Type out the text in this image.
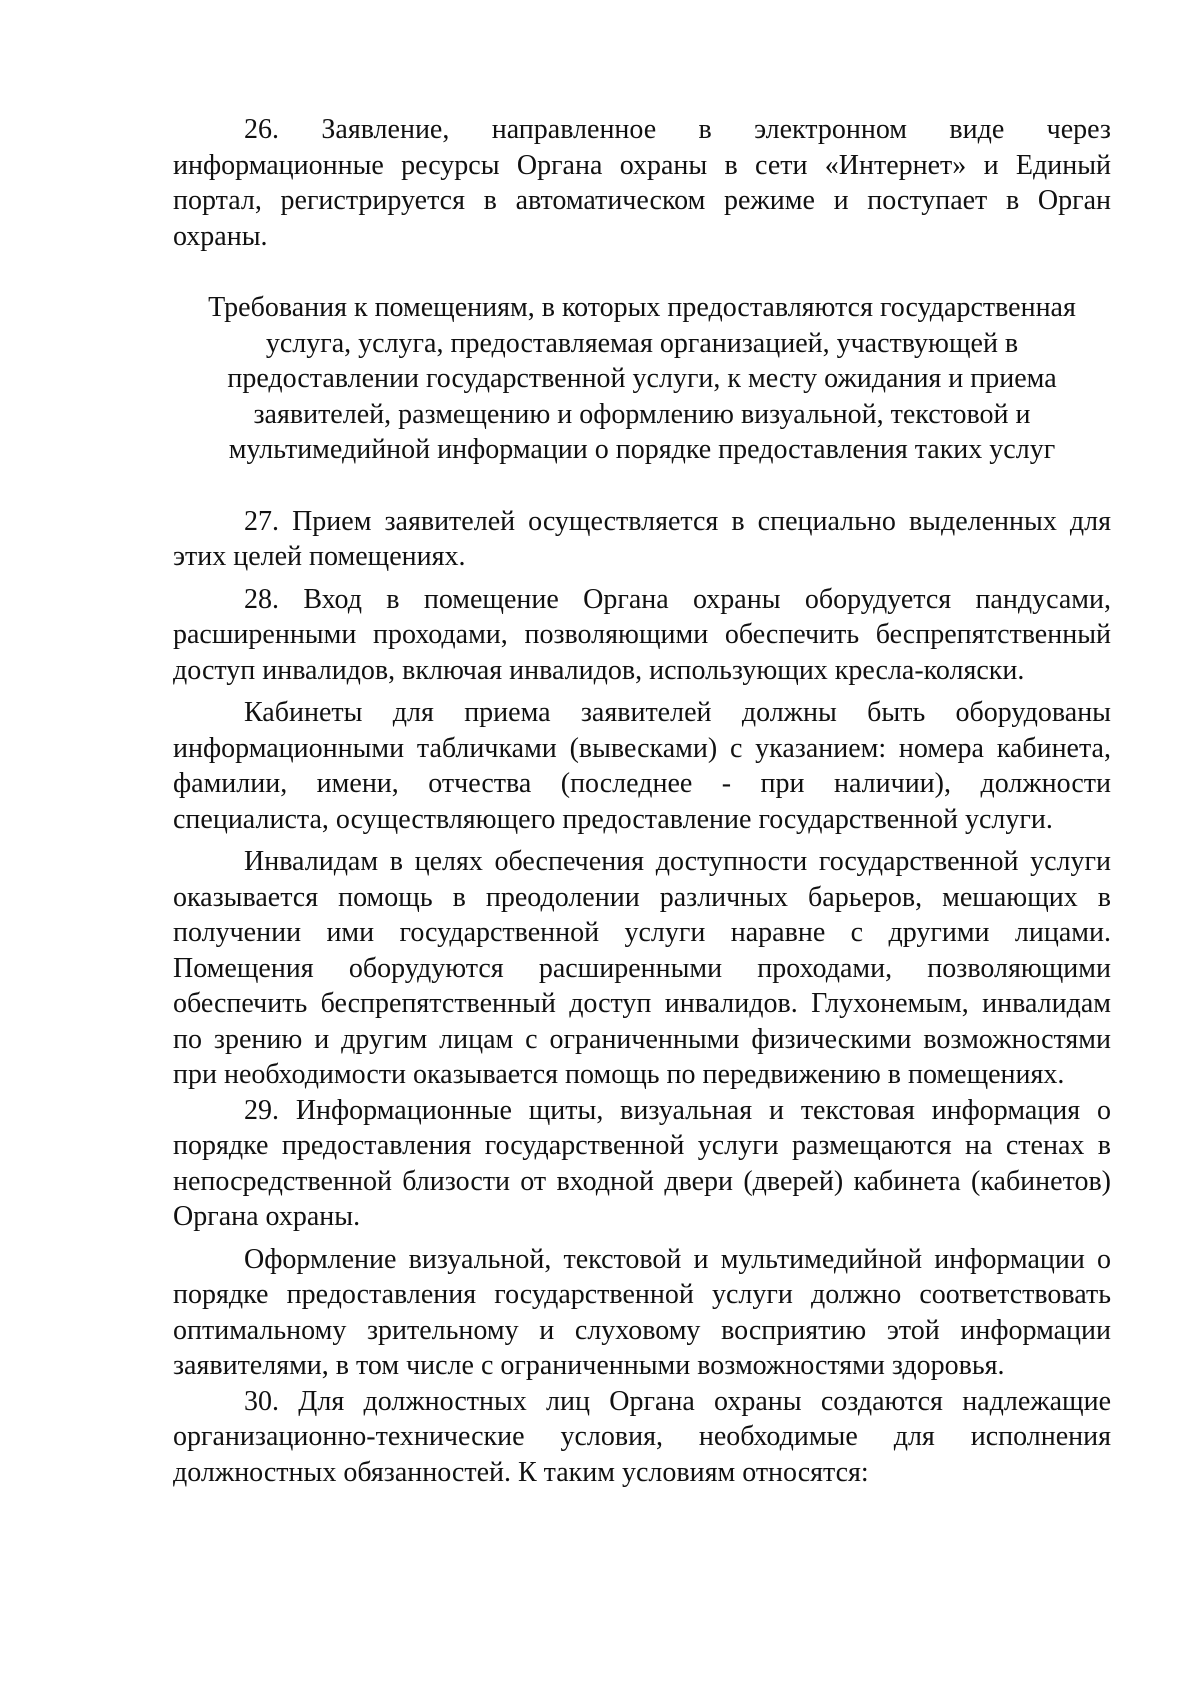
26. Заявление, направленное в электронном виде через информационные ресурсы Органа охраны в сети «Интернет» и Единый портал, регистрируется в автоматическом режиме и поступает в Орган охраны.

Требования к помещениям, в которых предоставляются государственная
услуга, услуга, предоставляемая организацией, участвующей в
предоставлении государственной услуги, к месту ожидания и приема
заявителей, размещению и оформлению визуальной, текстовой и
мультимедийной информации о порядке предоставления таких услуг

27. Прием заявителей осуществляется в специально выделенных для этих целей помещениях.

28. Вход в помещение Органа охраны оборудуется пандусами, расширенными проходами, позволяющими обеспечить беспрепятственный доступ инвалидов, включая инвалидов, использующих кресла-коляски.

Кабинеты для приема заявителей должны быть оборудованы информационными табличками (вывесками) с указанием: номера кабинета, фамилии, имени, отчества (последнее - при наличии), должности специалиста, осуществляющего предоставление государственной услуги.

Инвалидам в целях обеспечения доступности государственной услуги оказывается помощь в преодолении различных барьеров, мешающих в получении ими государственной услуги наравне с другими лицами. Помещения оборудуются расширенными проходами, позволяющими обеспечить беспрепятственный доступ инвалидов. Глухонемым, инвалидам по зрению и другим лицам с ограниченными физическими возможностями при необходимости оказывается помощь по передвижению в помещениях.

29. Информационные щиты, визуальная и текстовая информация о порядке предоставления государственной услуги размещаются на стенах в непосредственной близости от входной двери (дверей) кабинета (кабинетов) Органа охраны.

Оформление визуальной, текстовой и мультимедийной информации о порядке предоставления государственной услуги должно соответствовать оптимальному зрительному и слуховому восприятию этой информации заявителями, в том числе с ограниченными возможностями здоровья.

30. Для должностных лиц Органа охраны создаются надлежащие организационно-технические условия, необходимые для исполнения должностных обязанностей. К таким условиям относятся:
